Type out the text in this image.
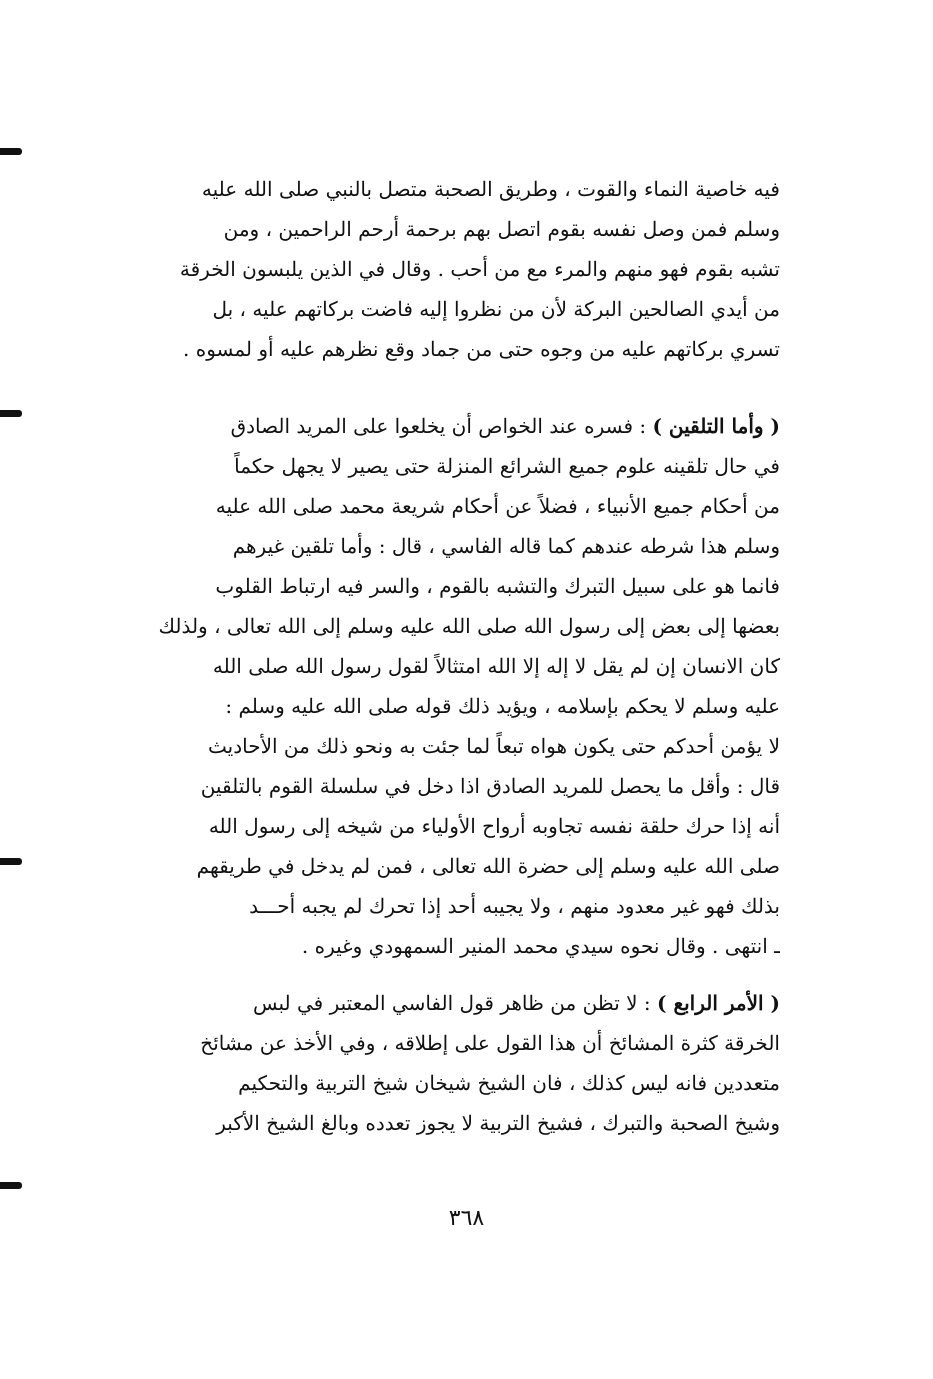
فيه خاصية النماء والقوت ، وطريق الصحبة متصل بالنبي صلى الله عليه
وسلم فمن وصل نفسه بقوم اتصل بهم برحمة أرحم الراحمين ، ومن
تشبه بقوم فهو منهم والمرء مع من أحب . وقال في الذين يلبسون الخرقة
من أيدي الصالحين البركة لأن من نظروا إليه فاضت بركاتهم عليه ، بل
تسري بركاتهم عليه من وجوه حتى من جماد وقع نظرهم عليه أو لمسوه .
( وأما التلقين ) : فسره عند الخواص أن يخلعوا على المريد الصادق
في حال تلقينه علوم جميع الشرائع المنزلة حتى يصير لا يجهل حكماً
من أحكام جميع الأنبياء ، فضلاً عن أحكام شريعة محمد صلى الله عليه
وسلم هذا شرطه عندهم كما قاله الفاسي ، قال : وأما تلقين غيرهم
فانما هو على سبيل التبرك والتشبه بالقوم ، والسر فيه ارتباط القلوب
بعضها إلى بعض إلى رسول الله صلى الله عليه وسلم إلى الله تعالى ، ولذلك
كان الانسان إن لم يقل لا إله إلا الله امتثالاً لقول رسول الله صلى الله
عليه وسلم لا يحكم بإسلامه ، ويؤيد ذلك قوله صلى الله عليه وسلم :
لا يؤمن أحدكم حتى يكون هواه تبعاً لما جئت به ونحو ذلك من الأحاديث
قال : وأقل ما يحصل للمريد الصادق اذا دخل في سلسلة القوم بالتلقين
أنه إذا حرك حلقة نفسه تجاوبه أرواح الأولياء من شيخه إلى رسول الله
صلى الله عليه وسلم إلى حضرة الله تعالى ، فمن لم يدخل في طريقهم
بذلك فهو غير معدود منهم ، ولا يجيبه أحد إذا تحرك لم يجبه أحـــد
ـ انتهى . وقال نحوه سيدي محمد المنير السمهودي وغيره .
( الأمر الرابع ) : لا تظن من ظاهر قول الفاسي المعتبر في لبس
الخرقة كثرة المشائخ أن هذا القول على إطلاقه ، وفي الأخذ عن مشائخ
متعددين فانه ليس كذلك ، فان الشيخ شيخان شيخ التربية والتحكيم
وشيخ الصحبة والتبرك ، فشيخ التربية لا يجوز تعدده وبالغ الشيخ الأكبر
٣٦٨
